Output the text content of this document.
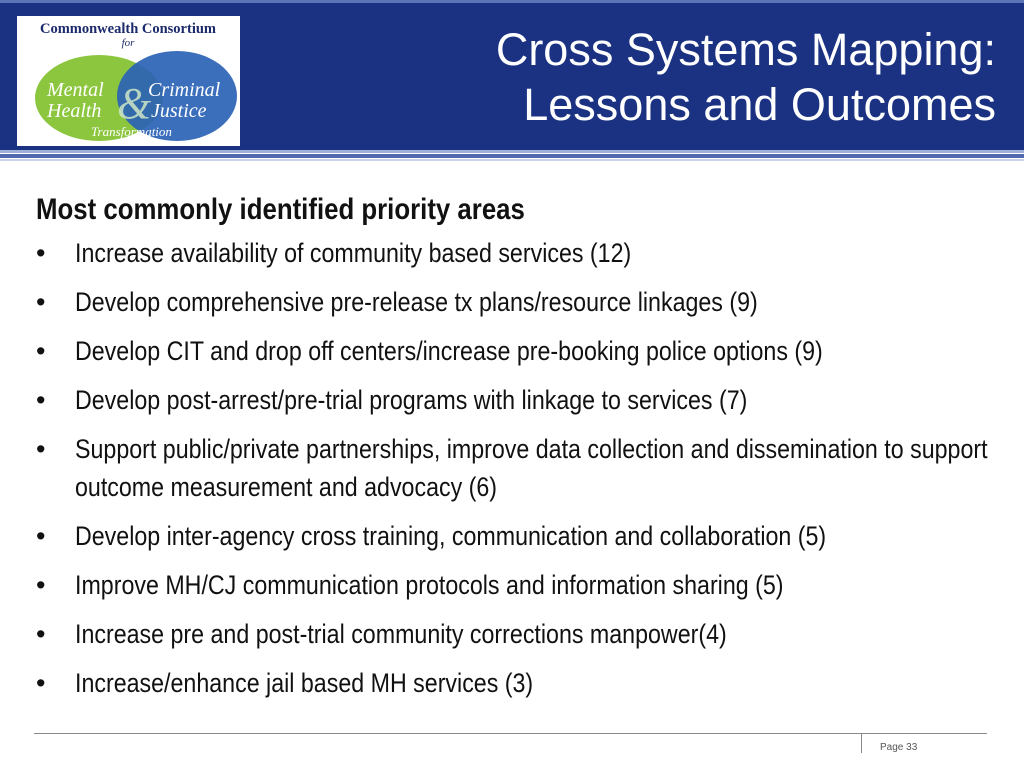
Commonwealth Consortium
for
Mental
Health &
Criminal
Justice
Transformation
Cross Systems Mapping:
Lessons and Outcomes
Most commonly identified priority areas
• Increase availability of community based services (12)
• Develop comprehensive pre-release tx plans/resource linkages (9)
• Develop CIT and drop off centers/increase pre-booking police options (9)
• Develop post-arrest/pre-trial programs with linkage to services (7)
• Support public/private partnerships, improve data collection and dissemination to support outcome measurement and advocacy (6)
• Develop inter-agency cross training, communication and collaboration (5)
• Improve MH/CJ communication protocols and information sharing (5)
• Increase pre and post-trial community corrections manpower(4)
• Increase/enhance jail based MH services (3)
Page 33
